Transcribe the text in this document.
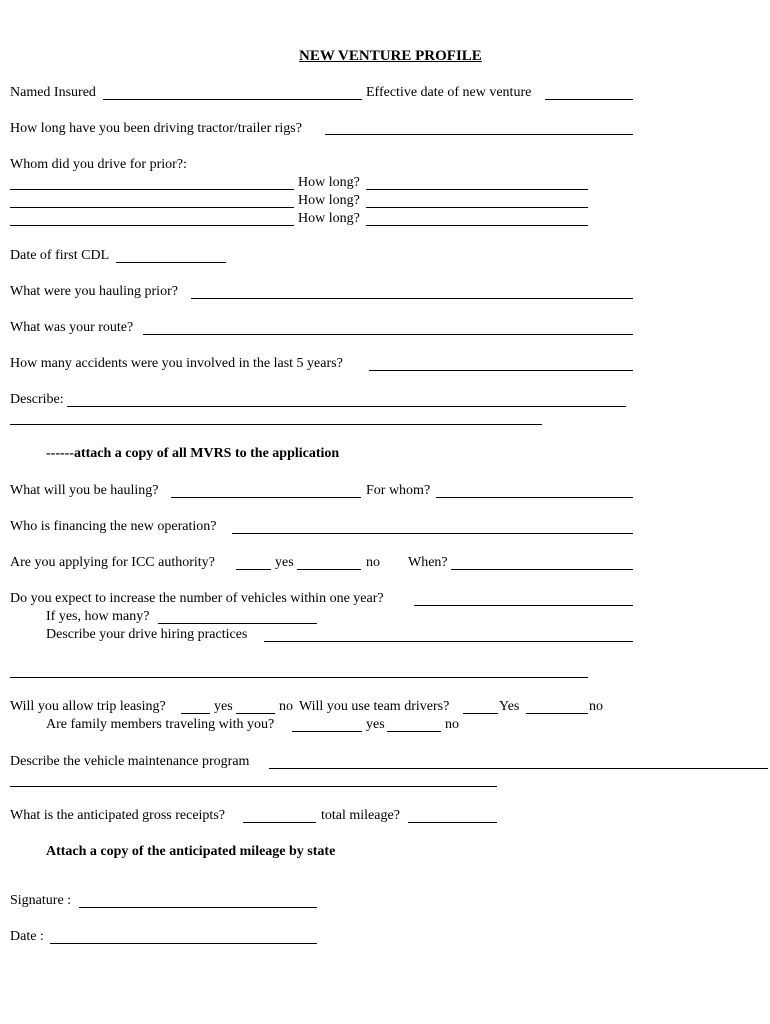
NEW VENTURE PROFILE
Named Insured	Effective date of new venture
How long have you been driving tractor/trailer rigs?
Whom did you drive for prior?:
How long?
How long?
How long?
Date of first CDL
What were you hauling prior?
What was your route?
How many accidents were you involved in the last 5 years?
Describe:
------attach a copy of all MVRS to the application
What will you be hauling?	For whom?
Who is financing the new operation?
Are you applying for ICC authority?	yes	no When?
Do you expect to increase the number of vehicles within one year?
If yes, how many?
Describe your drive hiring practices
Will you allow trip leasing?	yes	no Will you use team drivers?	Yes	no
Are family members traveling with you?	yes	no
Describe the vehicle maintenance program
What is the anticipated gross receipts?	total mileage?
Attach a copy of the anticipated mileage by state
Signature :
Date :
